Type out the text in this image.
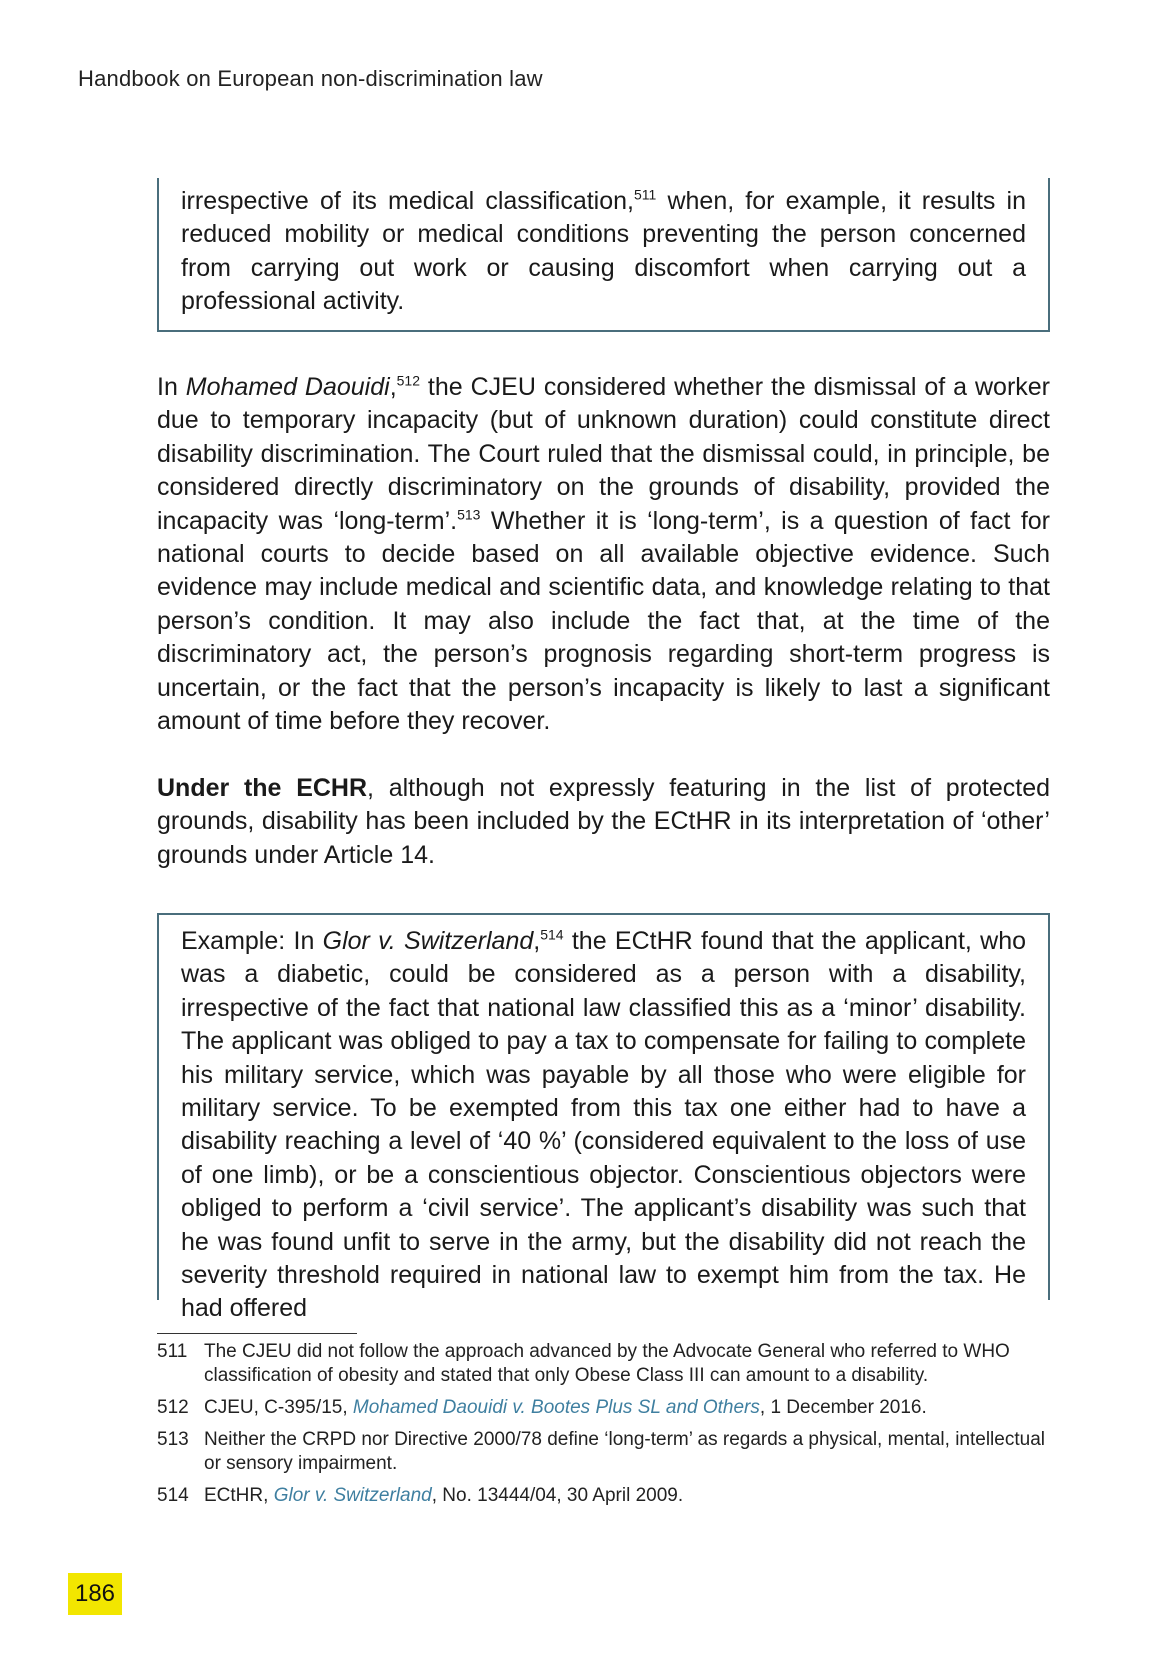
Handbook on European non-discrimination law

irrespective of its medical classification,$^{511}$ when, for example, it results in reduced mobility or medical conditions preventing the person concerned from carrying out work or causing discomfort when carrying out a professional activity.

In Mohamed Daouidi,$^{512}$ the CJEU considered whether the dismissal of a worker due to temporary incapacity (but of unknown duration) could constitute direct disability discrimination. The Court ruled that the dismissal could, in principle, be considered directly discriminatory on the grounds of disability, provided the incapacity was ‘long-term’.$^{513}$ Whether it is ‘long-term’, is a question of fact for national courts to decide based on all available objective evidence. Such evidence may include medical and scientific data, and knowledge relating to that person’s condition. It may also include the fact that, at the time of the discriminatory act, the person’s prognosis regarding short-term progress is uncertain, or the fact that the person’s incapacity is likely to last a significant amount of time before they recover.

Under the ECHR, although not expressly featuring in the list of protected grounds, disability has been included by the ECtHR in its interpretation of ‘other’ grounds under Article 14.

Example: In Glor v. Switzerland,$^{514}$ the ECtHR found that the applicant, who was a diabetic, could be considered as a person with a disability, irrespective of the fact that national law classified this as a ‘minor’ disability. The applicant was obliged to pay a tax to compensate for failing to complete his military service, which was payable by all those who were eligible for military service. To be exempted from this tax one either had to have a disability reaching a level of ‘40 %’ (considered equivalent to the loss of use of one limb), or be a conscientious objector. Conscientious objectors were obliged to perform a ‘civil service’. The applicant’s disability was such that he was found unfit to serve in the army, but the disability did not reach the severity threshold required in national law to exempt him from the tax. He had offered

511 The CJEU did not follow the approach advanced by the Advocate General who referred to WHO classification of obesity and stated that only Obese Class III can amount to a disability.
512 CJEU, C-395/15, Mohamed Daouidi v. Bootes Plus SL and Others, 1 December 2016.
513 Neither the CRPD nor Directive 2000/78 define ‘long-term’ as regards a physical, mental, intellectual or sensory impairment.
514 ECtHR, Glor v. Switzerland, No. 13444/04, 30 April 2009.
186
